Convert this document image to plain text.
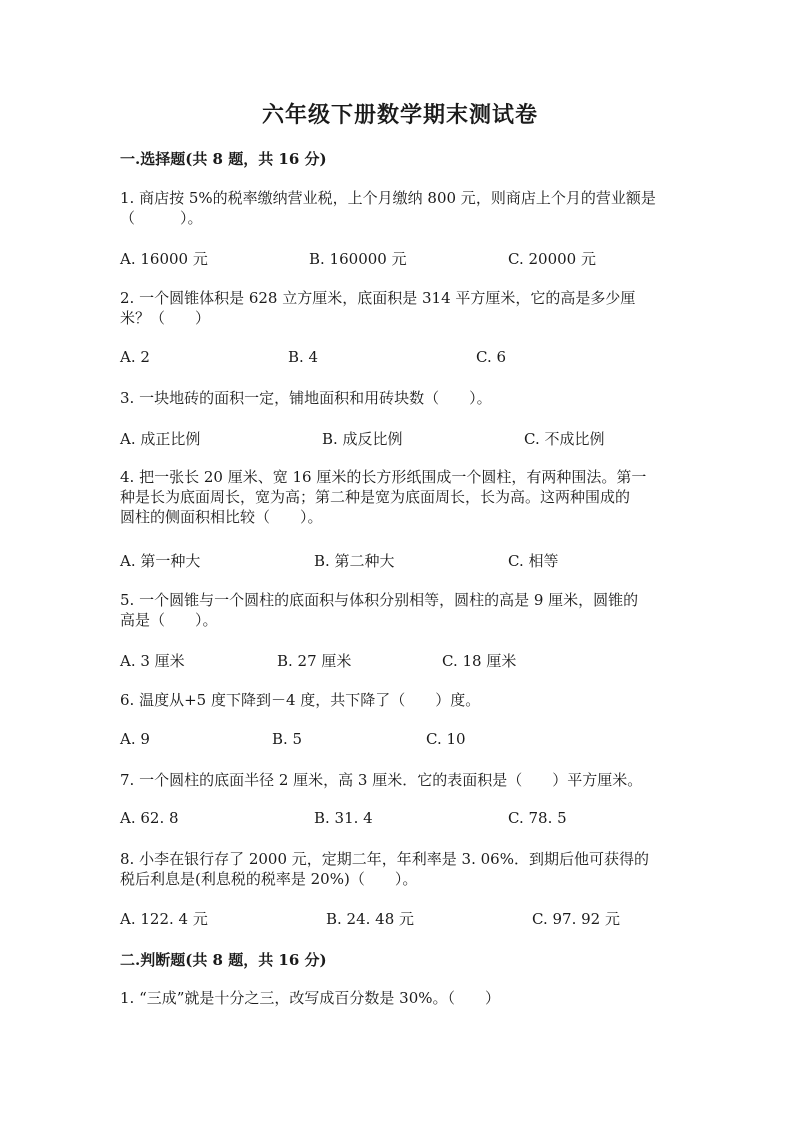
六年级下册数学期末测试卷
一.选择题(共 8 题，共 16 分)
1. 商店按 5%的税率缴纳营业税，上个月缴纳 800 元，则商店上个月的营业额是
（　　　）。
A. 16000 元	B. 160000 元	C. 20000 元
2. 一个圆锥体积是 628 立方厘米，底面积是 314 平方厘米，它的高是多少厘
米？（　　）
A. 2	B. 4	C. 6
3. 一块地砖的面积一定，铺地面积和用砖块数（　　）。
A. 成正比例	B. 成反比例	C. 不成比例
4. 把一张长 20 厘米、宽 16 厘米的长方形纸围成一个圆柱，有两种围法。第一
种是长为底面周长，宽为高；第二种是宽为底面周长，长为高。这两种围成的
圆柱的侧面积相比较（　　）。
A. 第一种大	B. 第二种大	C. 相等
5. 一个圆锥与一个圆柱的底面积与体积分别相等，圆柱的高是 9 厘米，圆锥的
高是（　　）。
A. 3 厘米	B. 27 厘米	C. 18 厘米
6. 温度从+5 度下降到－4 度，共下降了（　　）度。
A. 9	B. 5	C. 10
7. 一个圆柱的底面半径 2 厘米，高 3 厘米．它的表面积是（　　）平方厘米。
A. 62. 8	B. 31. 4	C. 78. 5
8. 小李在银行存了 2000 元，定期二年，年利率是 3. 06%．到期后他可获得的
税后利息是(利息税的税率是 20%)（　　）。
A. 122. 4 元	B. 24. 48 元	C. 97. 92 元
二.判断题(共 8 题，共 16 分)
1. “三成”就是十分之三，改写成百分数是 30%。（　　）
